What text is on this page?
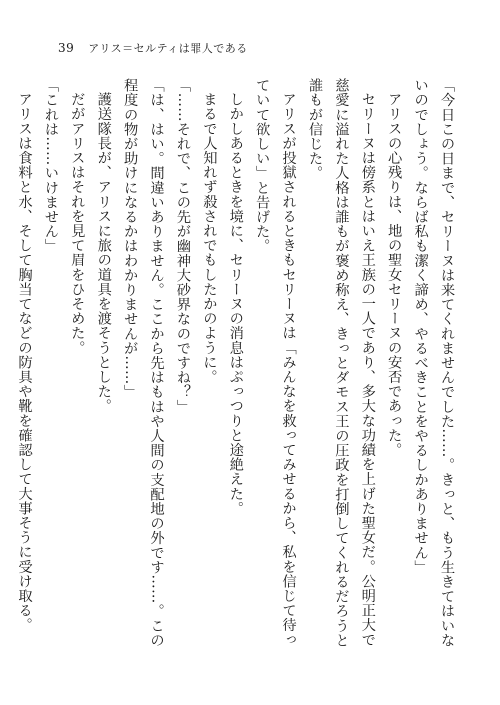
39 アリス＝セルティは罪人である

「今日この日まで、セリーヌは来てくれませんでした……。きっと、もう生きてはいないのでしょう。ならば私も潔く諦め、やるべきことをやるしかありません」

アリスの心残りは、地の聖女セリーヌの安否であった。

セリーヌは傍系とはいえ王族の一人であり、多大な功績を上げた聖女だ。公明正大で慈愛に溢れた人格は誰もが褒め称え、きっとダモス王の圧政を打倒してくれるだろうと誰もが信じた。

アリスが投獄されるときもセリーヌは「みんなを救ってみせるから、私を信じて待っていて欲しい」と告げた。

しかしあるときを境に、セリーヌの消息はぷっつりと途絶えた。

まるで人知れず殺されでもしたかのように。

「……それで、この先が幽神大砂界なのですね？」

「は、はい。間違いありません。ここから先はもはや人間の支配地の外です……。この程度の物が助けになるかはわかりませんが……」

護送隊長が、アリスに旅の道具を渡そうとした。

だがアリスはそれを見て眉をひそめた。

「これは……いけません」

アリスは食料と水、そして胸当てなどの防具や靴を確認して大事そうに受け取る。
